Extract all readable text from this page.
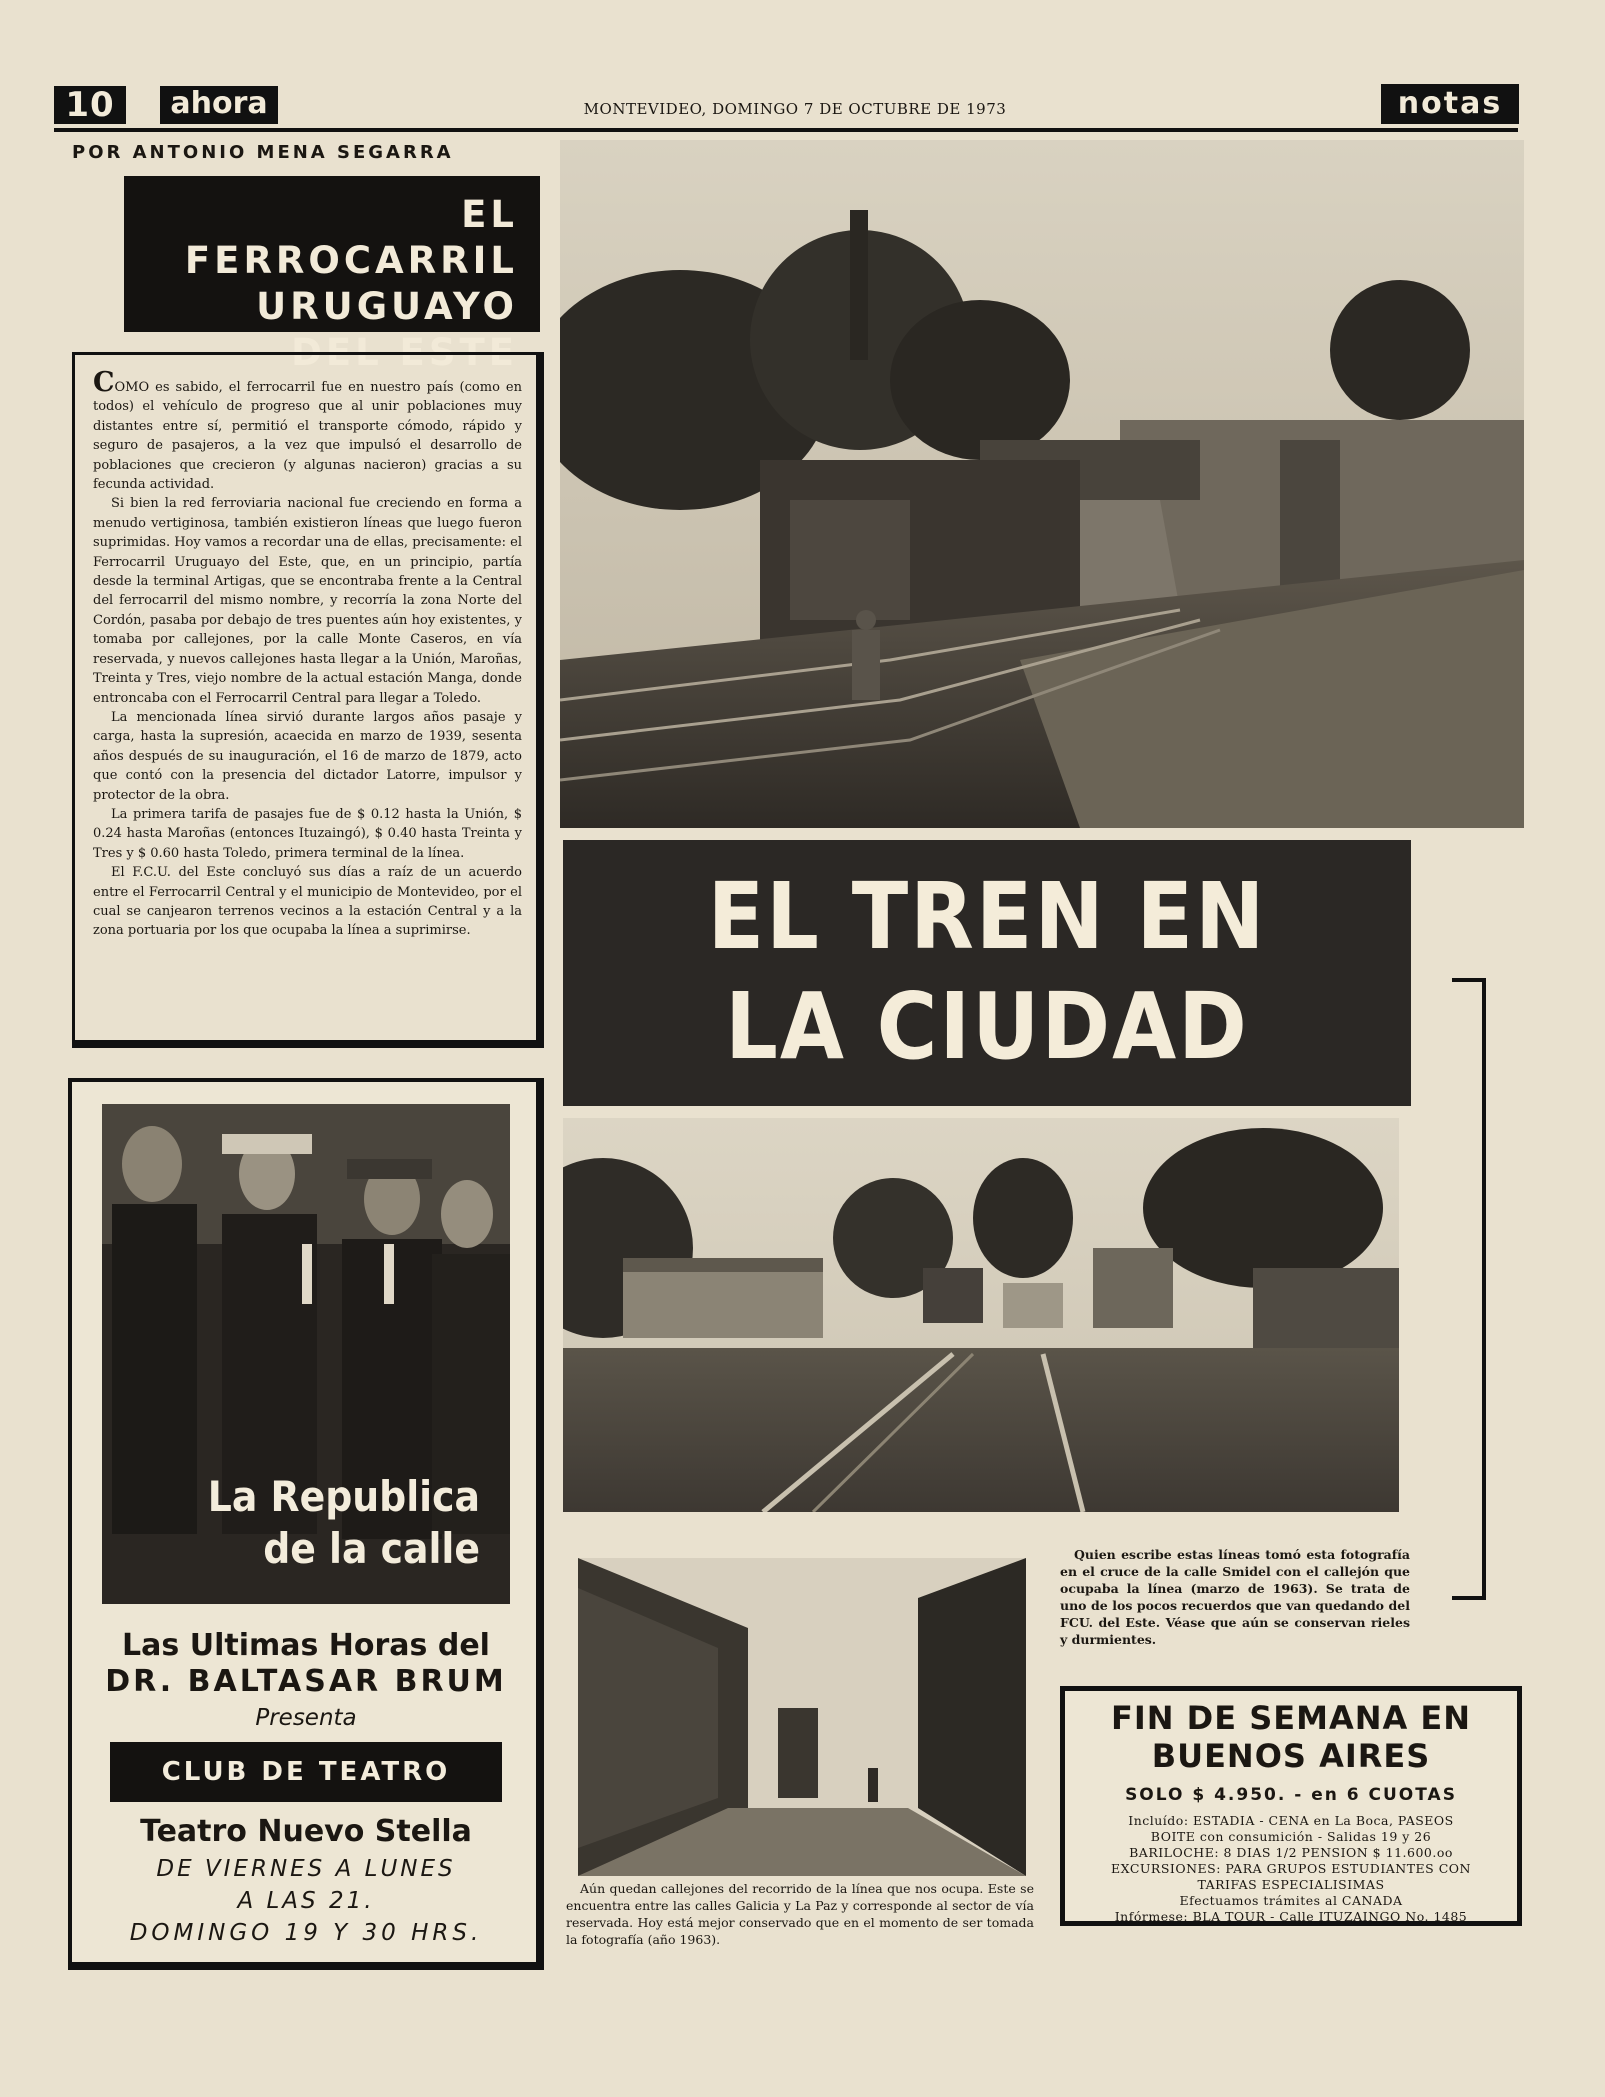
10	ahora	MONTEVIDEO, DOMINGO 7 DE OCTUBRE DE 1973	notas
POR ANTONIO MENA SEGARRA
EL FERROCARRIL
URUGUAYO
DEL ESTE

COMO es sabido, el ferrocarril fue en nuestro país (como en todos) el vehículo de progreso que al unir poblaciones muy distantes entre sí, permitió el transporte cómodo, rápido y seguro de pasajeros, a la vez que impulsó el desarrollo de poblaciones que crecieron (y algunas nacieron) gracias a su fecunda actividad.

Si bien la red ferroviaria nacional fue creciendo en forma a menudo vertiginosa, también existieron líneas que luego fueron suprimidas. Hoy vamos a recordar una de ellas, precisamente: el Ferrocarril Uruguayo del Este, que, en un principio, partía desde la terminal Artigas, que se encontraba frente a la Central del ferrocarril del mismo nombre, y recorría la zona Norte del Cordón, pasaba por debajo de tres puentes aún hoy existentes, y tomaba por callejones, por la calle Monte Caseros, en vía reservada, y nuevos callejones hasta llegar a la Unión, Maroñas, Treinta y Tres, viejo nombre de la actual estación Manga, donde entroncaba con el Ferrocarril Central para llegar a Toledo.

La mencionada línea sirvió durante largos años pasaje y carga, hasta la supresión, acaecida en marzo de 1939, sesenta años después de su inauguración, el 16 de marzo de 1879, acto que contó con la presencia del dictador Latorre, impulsor y protector de la obra.

La primera tarifa de pasajes fue de $ 0.12 hasta la Unión, $ 0.24 hasta Maroñas (entonces Ituzaingó), $ 0.40 hasta Treinta y Tres y $ 0.60 hasta Toledo, primera terminal de la línea.

El F.C.U. del Este concluyó sus días a raíz de un acuerdo entre el Ferrocarril Central y el municipio de Montevideo, por el cual se canjearon terrenos vecinos a la estación Central y a la zona portuaria por los que ocupaba la línea a suprimirse.	EL TREN EN
LA CIUDAD
Quien escribe estas líneas tomó esta fotografía en el cruce de la calle Smidel con el callejón que ocupaba la línea (marzo de 1963). Se trata de uno de los pocos recuerdos que van quedando del FCU. del Este. Véase que aún se conservan rieles y durmientes.
Aún quedan callejones del recorrido de la línea que nos ocupa. Este se encuentra entre las calles Galicia y La Paz y corresponde al sector de vía reservada. Hoy está mejor conservado que en el momento de ser tomada la fotografía (año 1963).
La Republica
de la calle
Las Ultimas Horas del
DR. BALTASAR BRUM
Presenta
CLUB DE TEATRO
Teatro Nuevo Stella
DE VIERNES A LUNES
A LAS 21.
DOMINGO 19 Y 30 HRS.
FIN DE SEMANA EN
BUENOS AIRES
SOLO $ 4.950. - en 6 CUOTAS
Incluído: ESTADIA - CENA en La Boca, PASEOS
BOITE con consumición - Salidas 19 y 26
BARILOCHE: 8 DIAS 1/2 PENSION $ 11.600.oo
EXCURSIONES: PARA GRUPOS ESTUDIANTES CON
TARIFAS ESPECIALISIMAS
Efectuamos trámites al CANADA
Infórmese: BLA TOUR - Calle ITUZAINGO No. 1485
